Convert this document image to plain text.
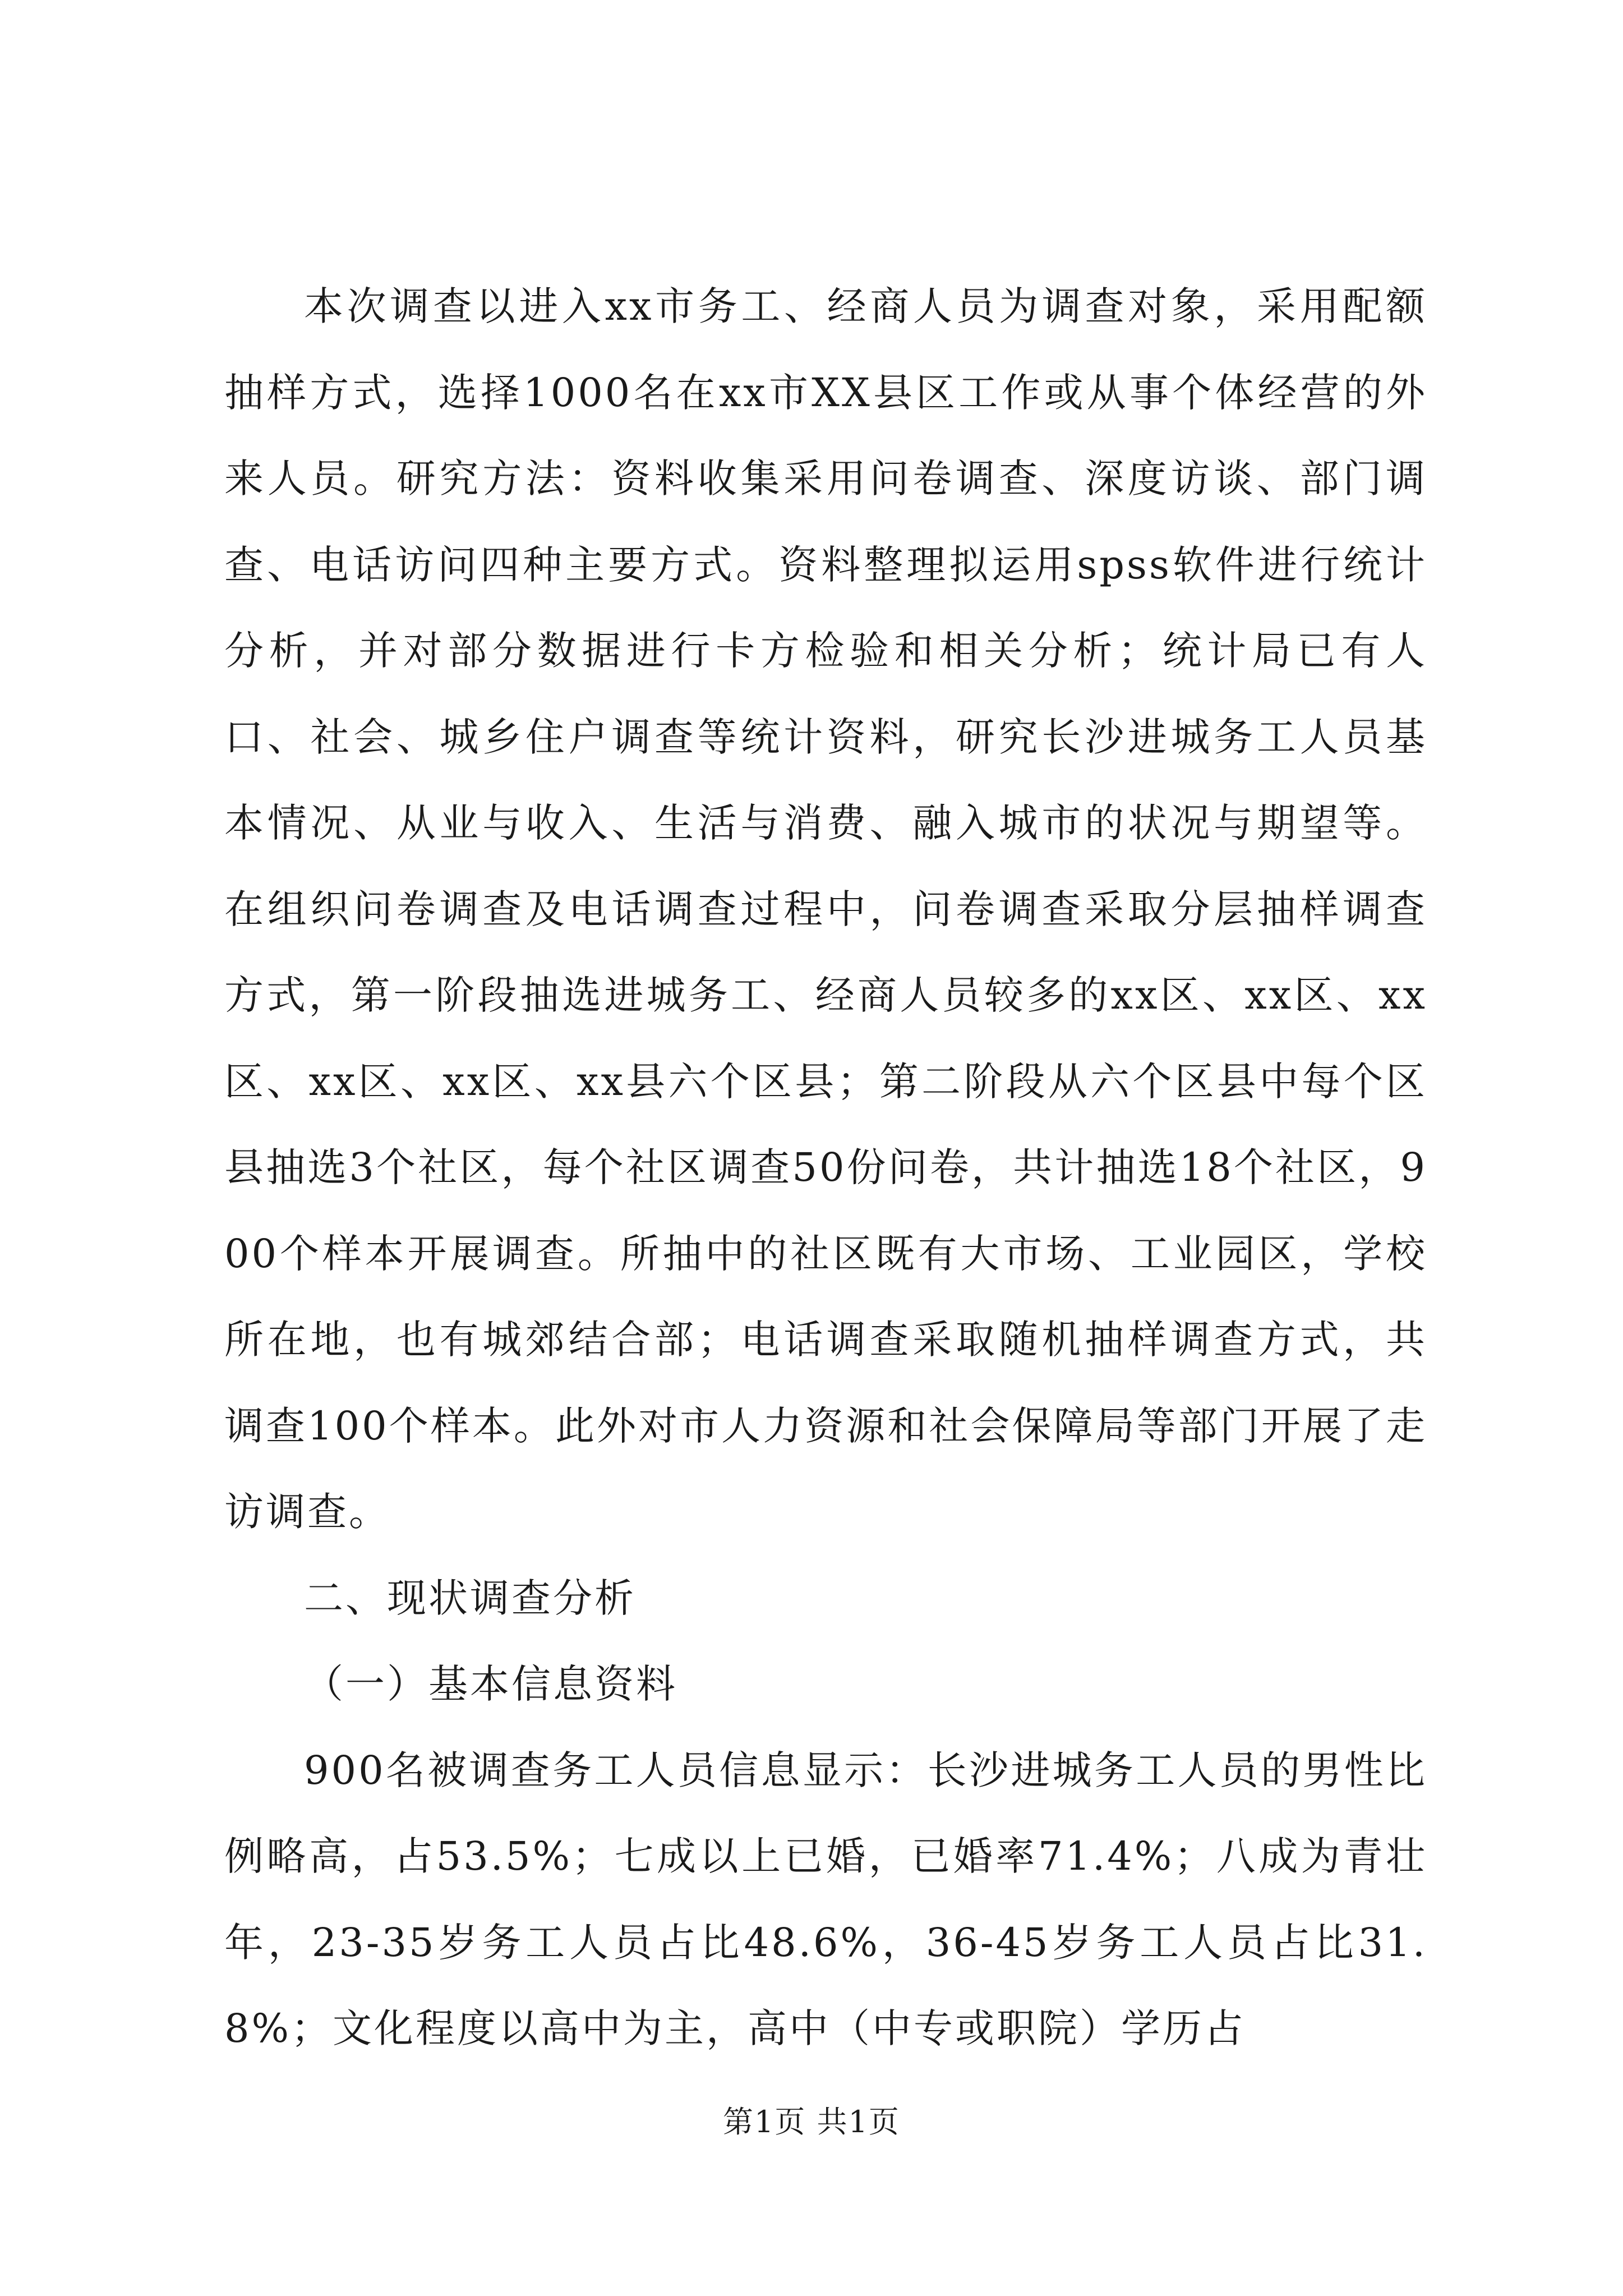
本次调查以进入xx市务工、经商人员为调查对象，采用配额抽样方式，选择1000名在xx市XX县区工作或从事个体经营的外来人员。研究方法：资料收集采用问卷调查、深度访谈、部门调查、电话访问四种主要方式。资料整理拟运用spss软件进行统计分析，并对部分数据进行卡方检验和相关分析；统计局已有人口、社会、城乡住户调查等统计资料，研究长沙进城务工人员基本情况、从业与收入、生活与消费、融入城市的状况与期望等。在组织问卷调查及电话调查过程中，问卷调查采取分层抽样调查方式，第一阶段抽选进城务工、经商人员较多的xx区、xx区、xx区、xx区、xx区、xx县六个区县；第二阶段从六个区县中每个区县抽选3个社区，每个社区调查50份问卷，共计抽选18个社区，900个样本开展调查。所抽中的社区既有大市场、工业园区，学校所在地，也有城郊结合部；电话调查采取随机抽样调查方式，共调查100个样本。此外对市人力资源和社会保障局等部门开展了走访调查。

二、现状调查分析

（一）基本信息资料

900名被调查务工人员信息显示：长沙进城务工人员的男性比例略高，占53.5%；七成以上已婚，已婚率71.4%；八成为青壮年，23-35岁务工人员占比48.6%，36-45岁务工人员占比31.8%；文化程度以高中为主，高中（中专或职院）学历占

第1页 共1页
